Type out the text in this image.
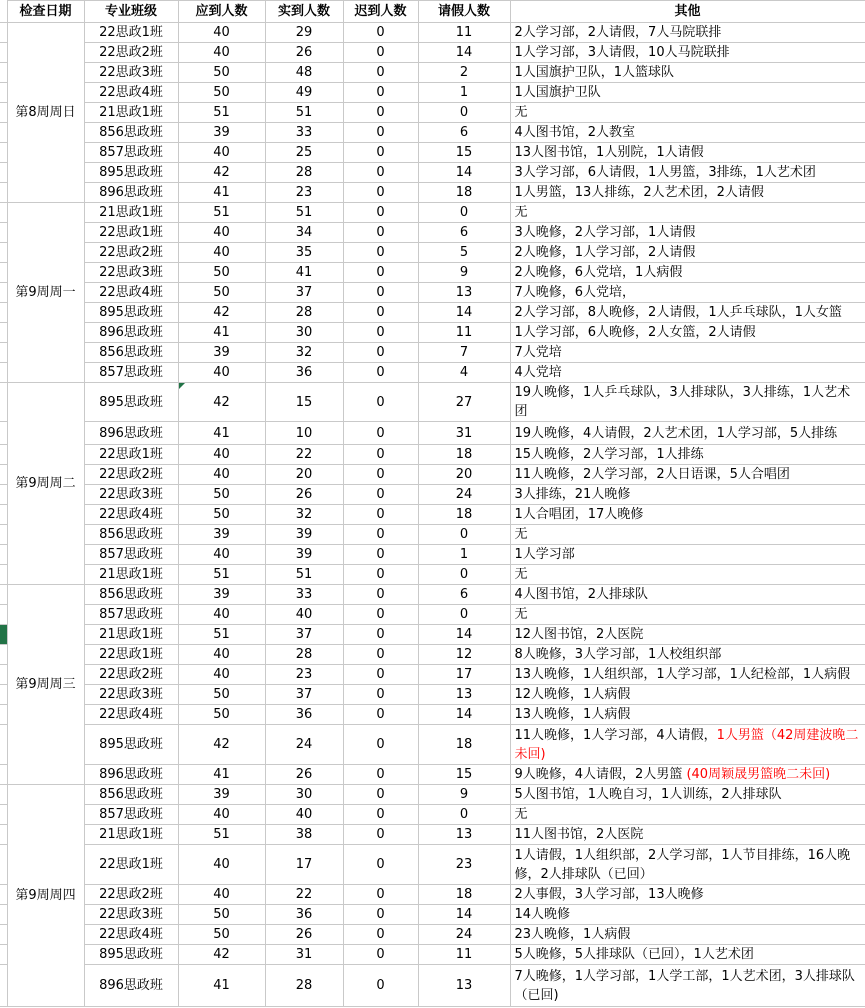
	检查日期	专业班级	应到人数	实到人数	迟到人数	请假人数	其他
	第8周周日	22思政1班	40	29	0	11	2人学习部，2人请假，7人马院联排
		22思政2班	40	26	0	14	1人学习部，3人请假，10人马院联排
		22思政3班	50	48	0	2	1人国旗护卫队，1人篮球队
		22思政4班	50	49	0	1	1人国旗护卫队
		21思政1班	51	51	0	0	无
		856思政班	39	33	0	6	4人图书馆，2人教室
		857思政班	40	25	0	15	13人图书馆，1人别院，1人请假
		895思政班	42	28	0	14	3人学习部，6人请假，1人男篮，3排练，1人艺术团
		896思政班	41	23	0	18	1人男篮，13人排练，2人艺术团，2人请假
	第9周周一	21思政1班	51	51	0	0	无
		22思政1班	40	34	0	6	3人晚修，2人学习部，1人请假
		22思政2班	40	35	0	5	2人晚修，1人学习部，2人请假
		22思政3班	50	41	0	9	2人晚修，6人党培，1人病假
		22思政4班	50	37	0	13	7人晚修，6人党培，
		895思政班	42	28	0	14	2人学习部，8人晚修，2人请假，1人乒乓球队，1人女篮
		896思政班	41	30	0	11	1人学习部，6人晚修，2人女篮，2人请假
		856思政班	39	32	0	7	7人党培
		857思政班	40	36	0	4	4人党培
	第9周周二	895思政班	42	15	0	27	19人晚修，1人乒乓球队，3人排球队，3人排练，1人艺术团
		896思政班	41	10	0	31	19人晚修，4人请假，2人艺术团，1人学习部，5人排练
		22思政1班	40	22	0	18	15人晚修，2人学习部，1人排练
		22思政2班	40	20	0	20	11人晚修，2人学习部，2人日语课，5人合唱团
		22思政3班	50	26	0	24	3人排练，21人晚修
		22思政4班	50	32	0	18	1人合唱团，17人晚修
		856思政班	39	39	0	0	无
		857思政班	40	39	0	1	1人学习部
		21思政1班	51	51	0	0	无
	第9周周三	856思政班	39	33	0	6	4人图书馆，2人排球队
		857思政班	40	40	0	0	无
		21思政1班	51	37	0	14	12人图书馆，2人医院
		22思政1班	40	28	0	12	8人晚修，3人学习部，1人校组织部
		22思政2班	40	23	0	17	13人晚修，1人组织部，1人学习部，1人纪检部，1人病假
		22思政3班	50	37	0	13	12人晚修，1人病假
		22思政4班	50	36	0	14	13人晚修，1人病假
		895思政班	42	24	0	18	11人晚修，1人学习部，4人请假，1人男篮（42周建波晚二未回)
		896思政班	41	26	0	15	9人晚修，4人请假，2人男篮 (40周颖晟男篮晚二未回)
	第9周周四	856思政班	39	30	0	9	5人图书馆，1人晚自习，1人训练，2人排球队
		857思政班	40	40	0	0	无
		21思政1班	51	38	0	13	11人图书馆，2人医院
		22思政1班	40	17	0	23	1人请假，1人组织部，2人学习部，1人节目排练，16人晚修，2人排球队（已回）
		22思政2班	40	22	0	18	2人事假，3人学习部，13人晚修
		22思政3班	50	36	0	14	14人晚修
		22思政4班	50	26	0	24	23人晚修，1人病假
		895思政班	42	31	0	11	5人晚修，5人排球队（已回），1人艺术团
		896思政班	41	28	0	13	7人晚修，1人学习部，1人学工部，1人艺术团，3人排球队（已回)
